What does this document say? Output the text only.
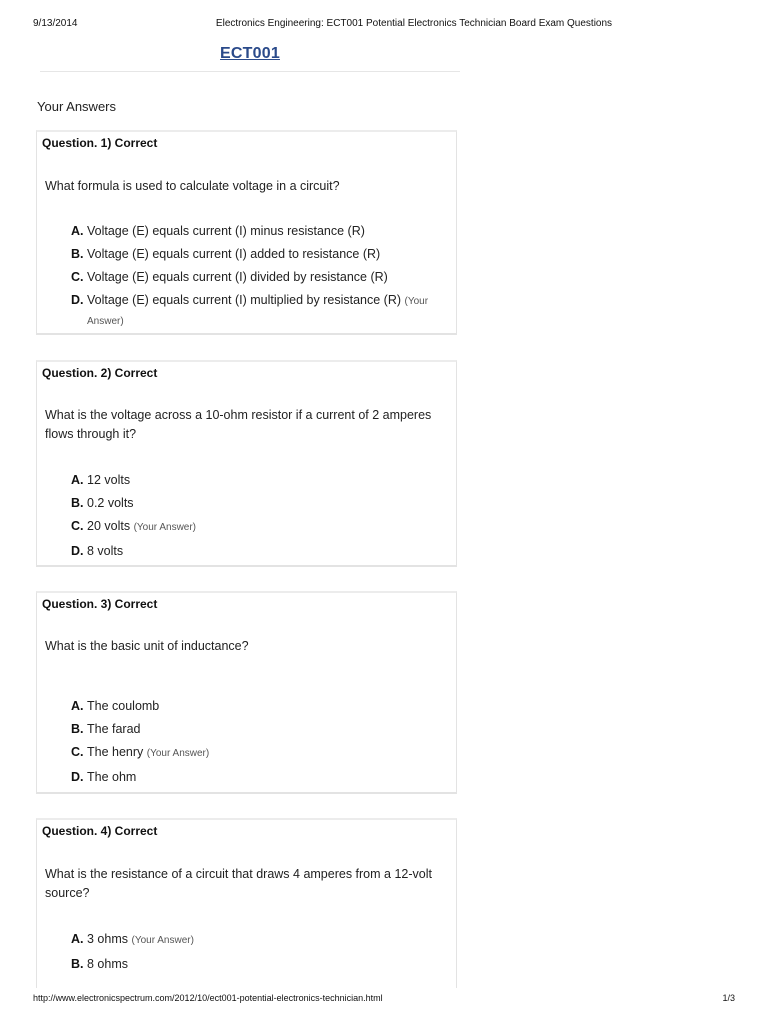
9/13/2014	Electronics Engineering: ECT001 Potential Electronics Technician Board Exam Questions
ECT001
Your Answers
Question. 1) Correct
What formula is used to calculate voltage in a circuit?
A. Voltage (E) equals current (I) minus resistance (R)
B. Voltage (E) equals current (I) added to resistance (R)
C. Voltage (E) equals current (I) divided by resistance (R)
D. Voltage (E) equals current (I) multiplied by resistance (R) (Your Answer)
Question. 2) Correct
What is the voltage across a 10-ohm resistor if a current of 2 amperes flows through it?
A. 12 volts
B. 0.2 volts
C. 20 volts (Your Answer)
D. 8 volts
Question. 3) Correct
What is the basic unit of inductance?
A. The coulomb
B. The farad
C. The henry (Your Answer)
D. The ohm
Question. 4) Correct
What is the resistance of a circuit that draws 4 amperes from a 12-volt source?
A. 3 ohms (Your Answer)
B. 8 ohms
http://www.electronicspectrum.com/2012/10/ect001-potential-electronics-technician.html	1/3
